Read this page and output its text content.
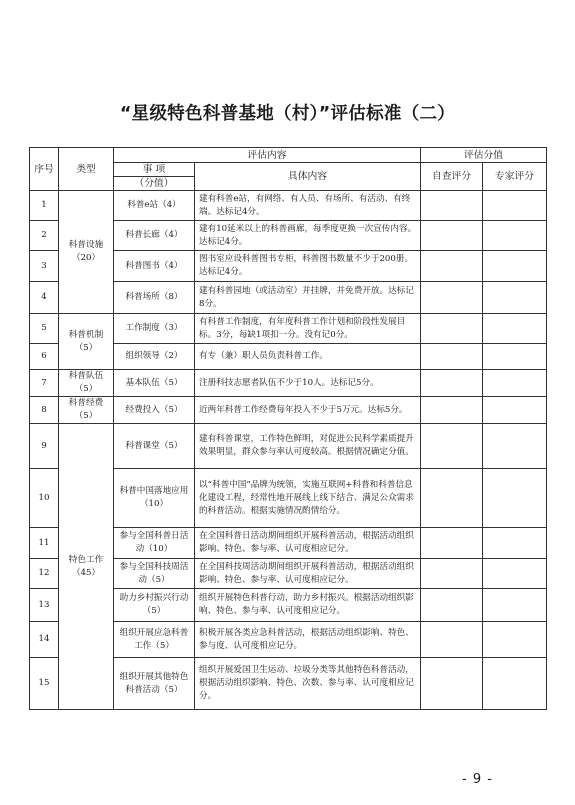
“星级特色科普基地（村）”评估标准（二）
序号	类型	评估内容		评估分值	
		事 项	具体内容	自查评分	专家评分
		（分值）			
1	科普设施（20）	科普e站（4）	建有科普e站，有网络、有人员、有场所、有活动、有终端。达标记4分。		
2		科普长廊（4）	建有10延米以上的科普画廊，每季度更换一次宣传内容。达标记4分。		
3		科普图书（4）	图书室应设科普图书专柜，科普图书数量不少于200册。达标记4分。		
4		科普场所（8）	建有科普园地（或活动室）并挂牌，并免费开放。达标记8分。		
5	科普机制（5）	工作制度（3）	有科普工作制度，有年度科普工作计划和阶段性发展目标。3分，每缺1项扣一分。没有记0分。		
6		组织领导（2）	有专（兼）职人员负责科普工作。		
7	科普队伍（5）	基本队伍（5）	注册科技志愿者队伍不少于10人。达标记5分。		
8	科普经费（5）	经费投入（5）	近两年科普工作经费每年投入不少于5万元。达标5分。		
9	特色工作（45）	科普课堂（5）	建有科普课堂，工作特色鲜明，对促进公民科学素质提升效果明显，群众参与率认可度较高。根据情况确定分值。		
10		科普中国落地应用（10）	以“科普中国”品牌为统领，实施互联网+科普和科普信息化建设工程，经常性地开展线上线下结合、满足公众需求的科普活动。根据实施情况酌情给分。		
11		参与全国科普日活动（10）	在全国科普日活动期间组织开展科普活动，根据活动组织影响、特色、参与率、认可度相应记分。		
12		参与全国科技周活动（5）	在全国科技周活动期间组织开展科普活动，根据活动组织影响、特色、参与率、认可度相应记分。		
13		助力乡村振兴行动（5）	组织开展特色科普行动，助力乡村振兴。根据活动组织影响、特色、参与率、认可度相应记分。		
14		组织开展应急科普工作（5）	积极开展各类应急科普活动，根据活动组织影响、特色、参与度、认可度相应记分。		
15		组织开展其他特色科普活动（5）	组织开展爱国卫生运动、垃圾分类等其他特色科普活动，根据活动组织影响、特色、次数、参与率、认可度相应记分。		
- 9 -
